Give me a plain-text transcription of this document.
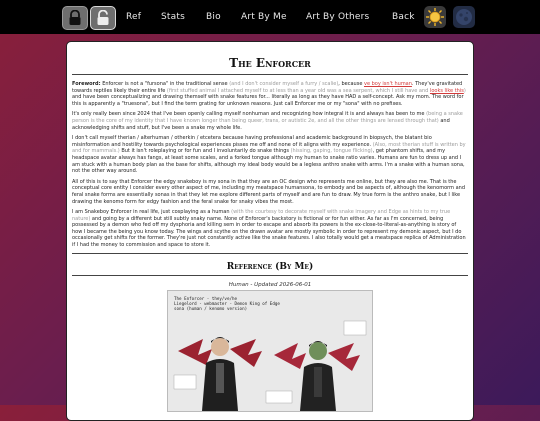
Ref Stats Bio Art By Me Art By Others	Back
The Enforcer

Foreword: Enforcer is not a "fursona" in the traditional sense (and I don't consider myself a furry / scalie), because ve boy isn't human. They've gravitated towards reptiles likely their entire life (first stuffed animal I attached myself to at less than a year old was a sea serpent, which I still have and looks like this) and have been conceptualizing and drawing themself with snake features for... literally as long as they have HAD a self-concept. Ask my mom. The word for this is apparently a "truesona", but I find the term grating for unknown reasons. Just call Enforcer me or my "sona" with no prefixes.

It's only really been since 2024 that I've been openly calling myself nonhuman and recognizing how integral it is and always has been to me (being a snake person is the core of my identity that I have known longer than being queer, trans, or autistic 2e, and all the other things are lensed through that) and acknowledging shifts and stuff, but I've been a snake my whole life.

I don't call myself therian / alterhuman / otherkin / etcetera because having professional and academic background in biopsych, the blatant bio misinformation and hostility towards psychological experiences pisses me off and none of it aligns with my experience. (Also, most therian stuff is written by and for mammals.) But it isn't roleplaying or for fun and I involuntarily do snake things (hissing, gaping, tongue flicking), get phantom shifts, and my headspace avatar always has fangs, at least some scales, and a forked tongue although my human to snake ratio varies. Humans are fun to dress up and I am stuck with a human body plan as the base for shifts, although my ideal body would be a legless anthro snake with arms. I'm a snake with a human sona, not the other way around.

All of this is to say that Enforcer the edgy snakeboy is my sona in that they are an OC design who represents me online, but they are also me. That is the conceptual core entity I consider every other aspect of me, including my meatspace humansona, to embody and be aspects of, although the kenomorm and feral snake forms are essentially sonas in that they let me explore different parts of myself and are fun to draw. My true form is the anthro snake, but I like drawing the kenomo form for edgy fashion and the feral snake for snaky vibes the most.

I am Snakeboy Enforcer in real life, just cosplaying as a human (with the courtesy to decorate myself with snake imagery and Edge as hints to my true nature) and going by a different but still subtly snaky name. None of Enforcer's backstory is fictional or for fun either. As far as I'm concerned, being possessed by a demon who fed off my dysphoria and killing sem in order to escape and absorb its powers is the ex-close-to-literal-as-anything is story of how I became the being you know today. The wings and scythe on the drawn avatar are mostly symbolic in order to represent my demonic aspect, but I do occasionally get shifts for the former. They're just not constantly active like the snake features. I also totally would get a meatspace replica of Administration if I had the money to commission and space to store it.

Reference (By Me)
Human - Updated 2026-06-01
The Enforcer - they/ve/he
Liegelord - webmaster - Demon King of Edge
sona (human / kenomo version)
